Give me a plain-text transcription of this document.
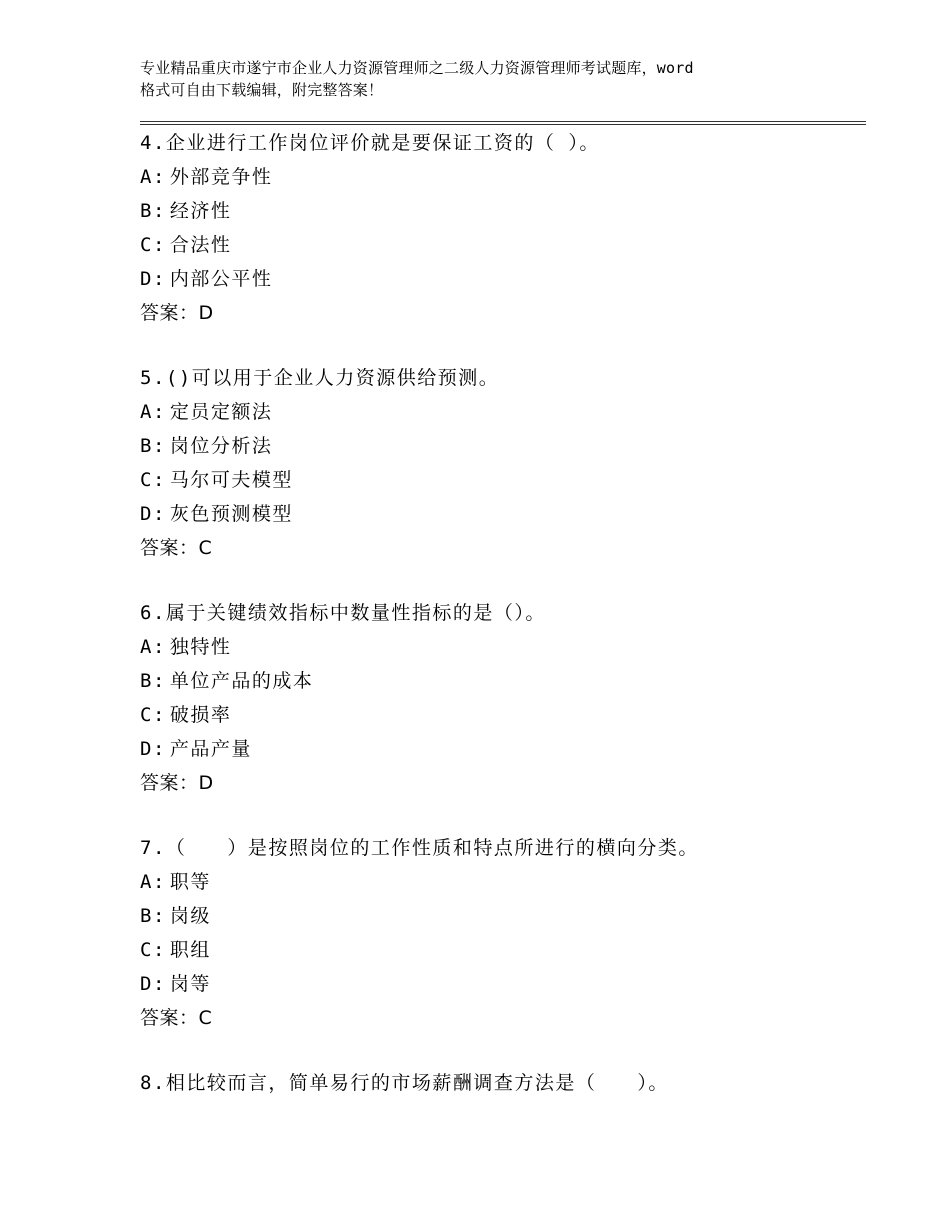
专业精品重庆市遂宁市企业人力资源管理师之二级人力资源管理师考试题库，word
格式可自由下载编辑，附完整答案！
4.企业进行工作岗位评价就是要保证工资的（ ）。
A: 外部竞争性
B: 经济性
C: 合法性
D: 内部公平性
答案：D
5.()可以用于企业人力资源供给预测。
A: 定员定额法
B: 岗位分析法
C: 马尔可夫模型
D: 灰色预测模型
答案：C
6.属于关键绩效指标中数量性指标的是（）。
A: 独特性
B: 单位产品的成本
C: 破损率
D: 产品产量
答案：D
7.（　　）是按照岗位的工作性质和特点所进行的横向分类。
A: 职等
B: 岗级
C: 职组
D: 岗等
答案：C
8.相比较而言，简单易行的市场薪酬调查方法是（　　）。
